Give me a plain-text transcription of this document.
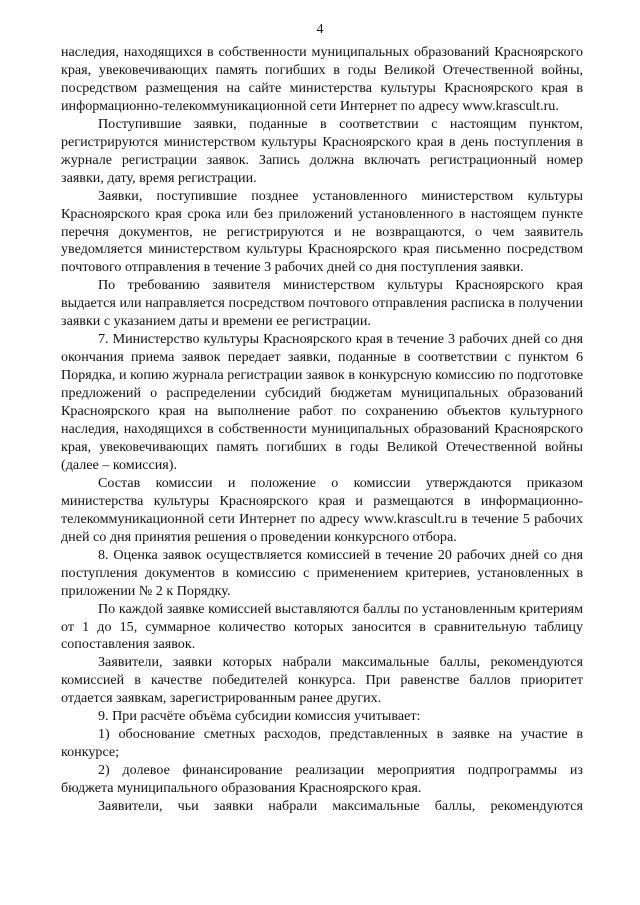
4

наследия, находящихся в собственности муниципальных образований Красноярского края, увековечивающих память погибших в годы Великой Отечественной войны, посредством размещения на сайте министерства культуры Красноярского края в информационно-телекоммуникационной сети Интернет по адресу www.krascult.ru.

Поступившие заявки, поданные в соответствии с настоящим пунктом, регистрируются министерством культуры Красноярского края в день поступления в журнале регистрации заявок. Запись должна включать регистрационный номер заявки, дату, время регистрации.

Заявки, поступившие позднее установленного министерством культуры Красноярского края срока или без приложений установленного в настоящем пункте перечня документов, не регистрируются и не возвращаются, о чем заявитель уведомляется министерством культуры Красноярского края письменно посредством почтового отправления в течение 3 рабочих дней со дня поступления заявки.

По требованию заявителя министерством культуры Красноярского края выдается или направляется посредством почтового отправления расписка в получении заявки с указанием даты и времени ее регистрации.

7. Министерство культуры Красноярского края в течение 3 рабочих дней со дня окончания приема заявок передает заявки, поданные в соответствии с пунктом 6 Порядка, и копию журнала регистрации заявок в конкурсную комиссию по подготовке предложений о распределении субсидий бюджетам муниципальных образований Красноярского края на выполнение работ по сохранению объектов культурного наследия, находящихся в собственности муниципальных образований Красноярского края, увековечивающих память погибших в годы Великой Отечественной войны (далее – комиссия).

Состав комиссии и положение о комиссии утверждаются приказом министерства культуры Красноярского края и размещаются в информационно-телекоммуникационной сети Интернет по адресу www.krascult.ru в течение 5 рабочих дней со дня принятия решения о проведении конкурсного отбора.

8. Оценка заявок осуществляется комиссией в течение 20 рабочих дней со дня поступления документов в комиссию с применением критериев, установленных в приложении № 2 к Порядку.

По каждой заявке комиссией выставляются баллы по установленным критериям от 1 до 15, суммарное количество которых заносится в сравнительную таблицу сопоставления заявок.

Заявители, заявки которых набрали максимальные баллы, рекомендуются комиссией в качестве победителей конкурса. При равенстве баллов приоритет отдается заявкам, зарегистрированным ранее других.

9. При расчёте объёма субсидии комиссия учитывает:

1) обоснование сметных расходов, представленных в заявке на участие в конкурсе;

2) долевое финансирование реализации мероприятия подпрограммы из бюджета муниципального образования Красноярского края.

Заявители, чьи заявки набрали максимальные баллы, рекомендуются
